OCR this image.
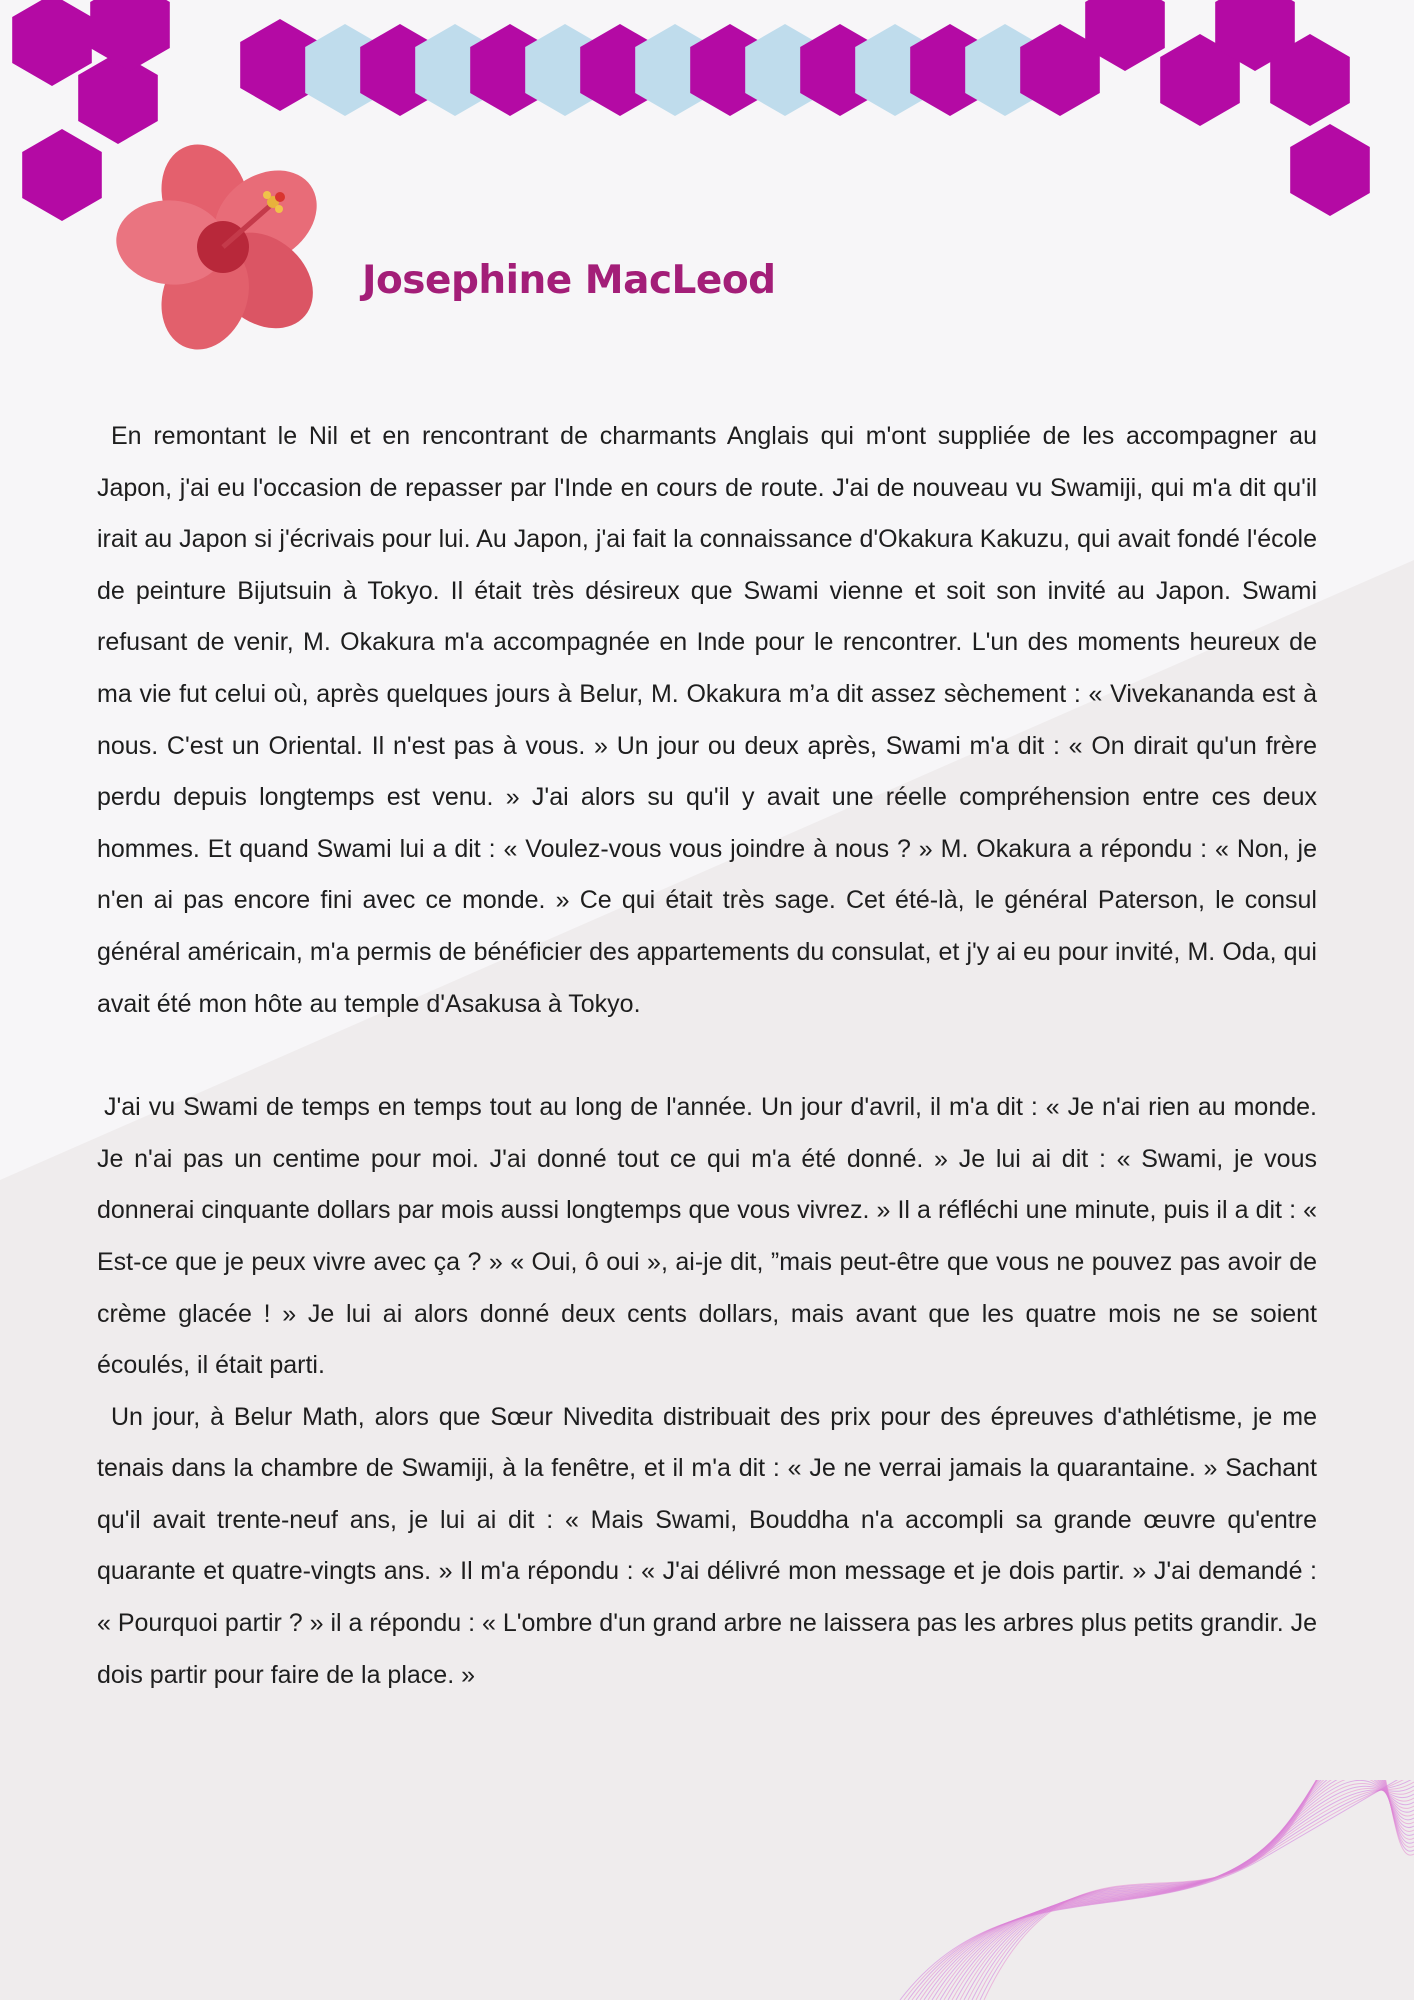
Josephine MacLeod

En remontant le Nil et en rencontrant de charmants Anglais qui m'ont suppliée de les accompagner au Japon, j'ai eu l'occasion de repasser par l'Inde en cours de route. J'ai de nouveau vu Swamiji, qui m'a dit qu'il irait au Japon si j'écrivais pour lui. Au Japon, j'ai fait la connaissance d'Okakura Kakuzu, qui avait fondé l'école de peinture Bijutsuin à Tokyo. Il était très désireux que Swami vienne et soit son invité au Japon. Swami refusant de venir, M. Okakura m'a accompagnée en Inde pour le rencontrer. L'un des moments heureux de ma vie fut celui où, après quelques jours à Belur, M. Okakura m’a dit assez sèchement : « Vivekananda est à nous. C'est un Oriental. Il n'est pas à vous. » Un jour ou deux après, Swami m'a dit : « On dirait qu'un frère perdu depuis longtemps est venu. » J'ai alors su qu'il y avait une réelle compréhension entre ces deux hommes. Et quand Swami lui a dit : « Voulez-vous vous joindre à nous ? » M. Okakura a répondu : « Non, je n'en ai pas encore fini avec ce monde. » Ce qui était très sage. Cet été-là, le général Paterson, le consul général américain, m'a permis de bénéficier des appartements du consulat, et j'y ai eu pour invité, M. Oda, qui avait été mon hôte au temple d'Asakusa à Tokyo.

J'ai vu Swami de temps en temps tout au long de l'année. Un jour d'avril, il m'a dit : « Je n'ai rien au monde. Je n'ai pas un centime pour moi. J'ai donné tout ce qui m'a été donné. » Je lui ai dit : « Swami, je vous donnerai cinquante dollars par mois aussi longtemps que vous vivrez. » Il a réfléchi une minute, puis il a dit : « Est-ce que je peux vivre avec ça ? » « Oui, ô oui », ai-je dit, ”mais peut-être que vous ne pouvez pas avoir de crème glacée ! » Je lui ai alors donné deux cents dollars, mais avant que les quatre mois ne se soient écoulés, il était parti.

Un jour, à Belur Math, alors que Sœur Nivedita distribuait des prix pour des épreuves d'athlétisme, je me tenais dans la chambre de Swamiji, à la fenêtre, et il m'a dit : « Je ne verrai jamais la quarantaine. » Sachant qu'il avait trente-neuf ans, je lui ai dit : « Mais Swami, Bouddha n'a accompli sa grande œuvre qu'entre quarante et quatre-vingts ans. » Il m'a répondu : « J'ai délivré mon message et je dois partir. » J'ai demandé : « Pourquoi partir ? » il a répondu : « L'ombre d'un grand arbre ne laissera pas les arbres plus petits grandir. Je dois partir pour faire de la place. »
